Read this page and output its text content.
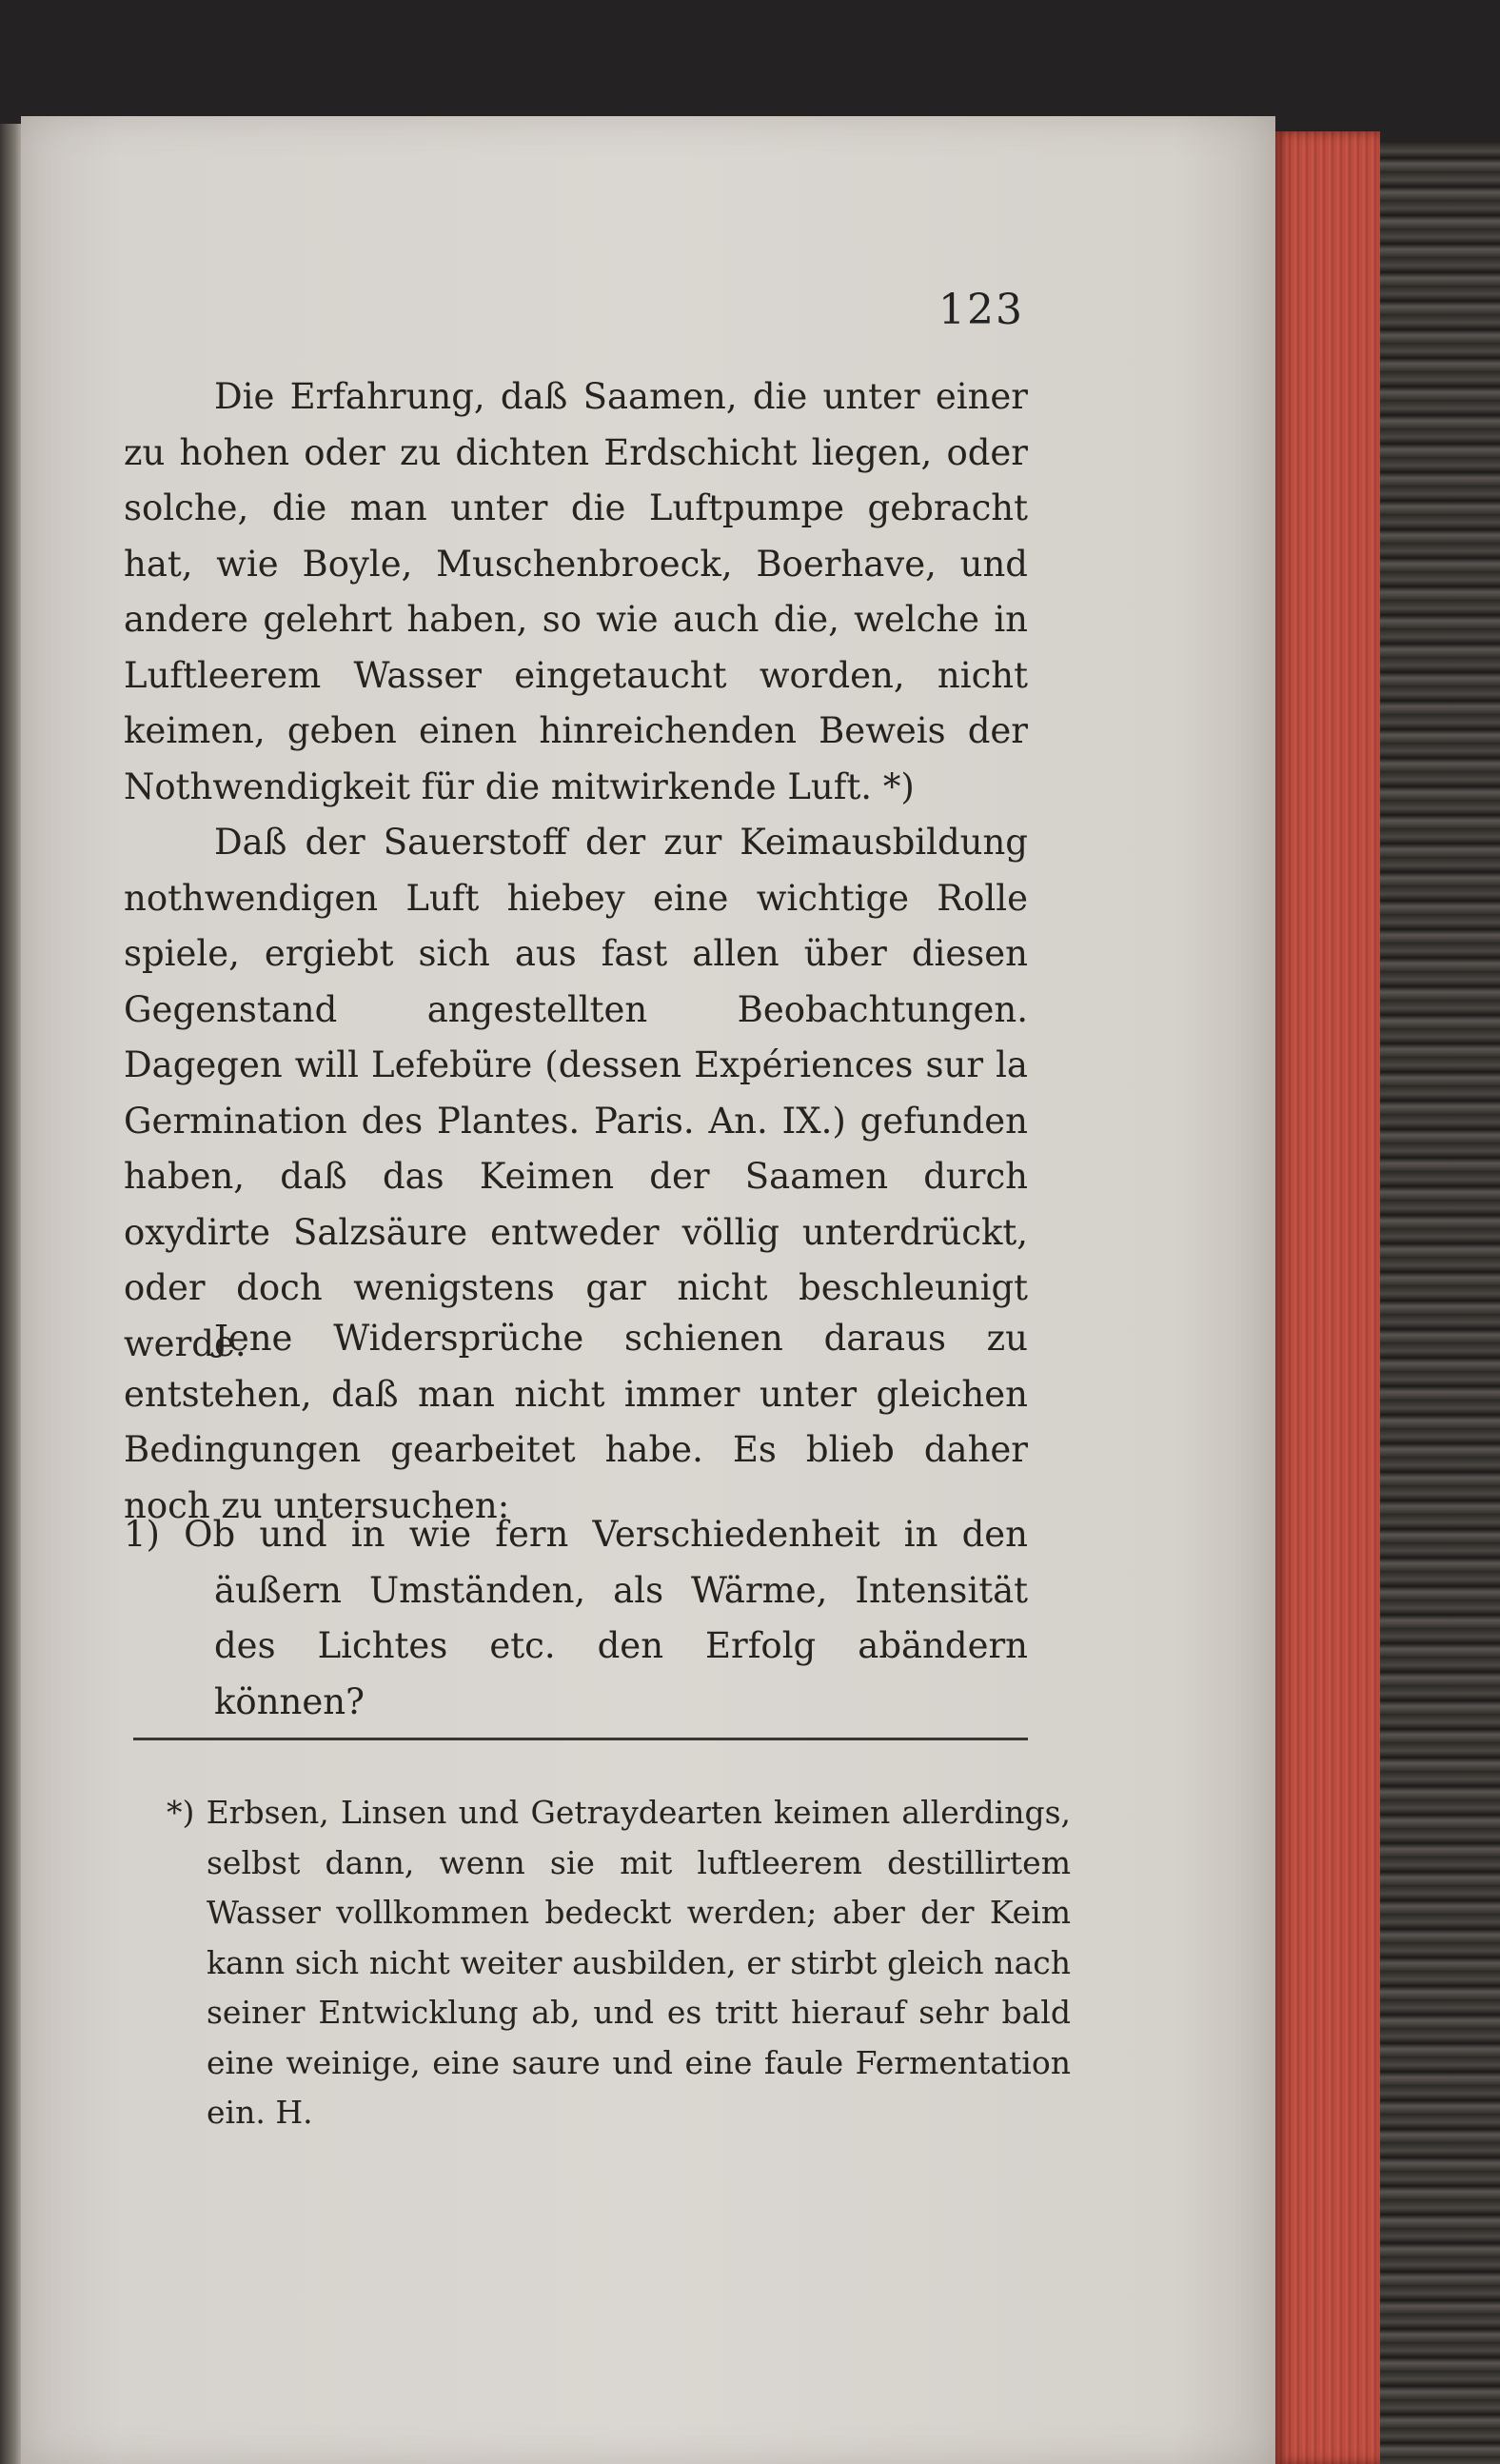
123

Die Erfahrung, daß Saamen, die unter einer zu hohen oder zu dichten Erdschicht liegen, oder solche, die man unter die Luftpumpe gebracht hat, wie Boyle, Muschenbroeck, Boerhave, und andere gelehrt haben, so wie auch die, welche in Luftleerem Wasser eingetaucht worden, nicht keimen, geben einen hinreichenden Beweis der Nothwendigkeit für die mitwirkende Luft. *)

Daß der Sauerstoff der zur Keimausbildung nothwendigen Luft hiebey eine wichtige Rolle spiele, ergiebt sich aus fast allen über diesen Gegenstand angestellten Beobachtungen. Dagegen will Lefebüre (dessen Expériences sur la Germination des Plantes. Paris. An. IX.) gefunden haben, daß das Keimen der Saamen durch oxydirte Salzsäure entweder völlig unterdrückt, oder doch wenigstens gar nicht beschleunigt werde.

Jene Widersprüche schienen daraus zu entstehen, daß man nicht immer unter gleichen Bedingungen gearbeitet habe. Es blieb daher noch zu untersuchen:

1) Ob und in wie fern Verschiedenheit in den äußern Umständen, als Wärme, Intensität des Lichtes etc. den Erfolg abändern können?

*) Erbsen, Linsen und Getraydearten keimen allerdings, selbst dann, wenn sie mit luftleerem destillirtem Wasser vollkommen bedeckt werden; aber der Keim kann sich nicht weiter ausbilden, er stirbt gleich nach seiner Entwicklung ab, und es tritt hierauf sehr bald eine weinige, eine saure und eine faule Fermentation ein. H.
